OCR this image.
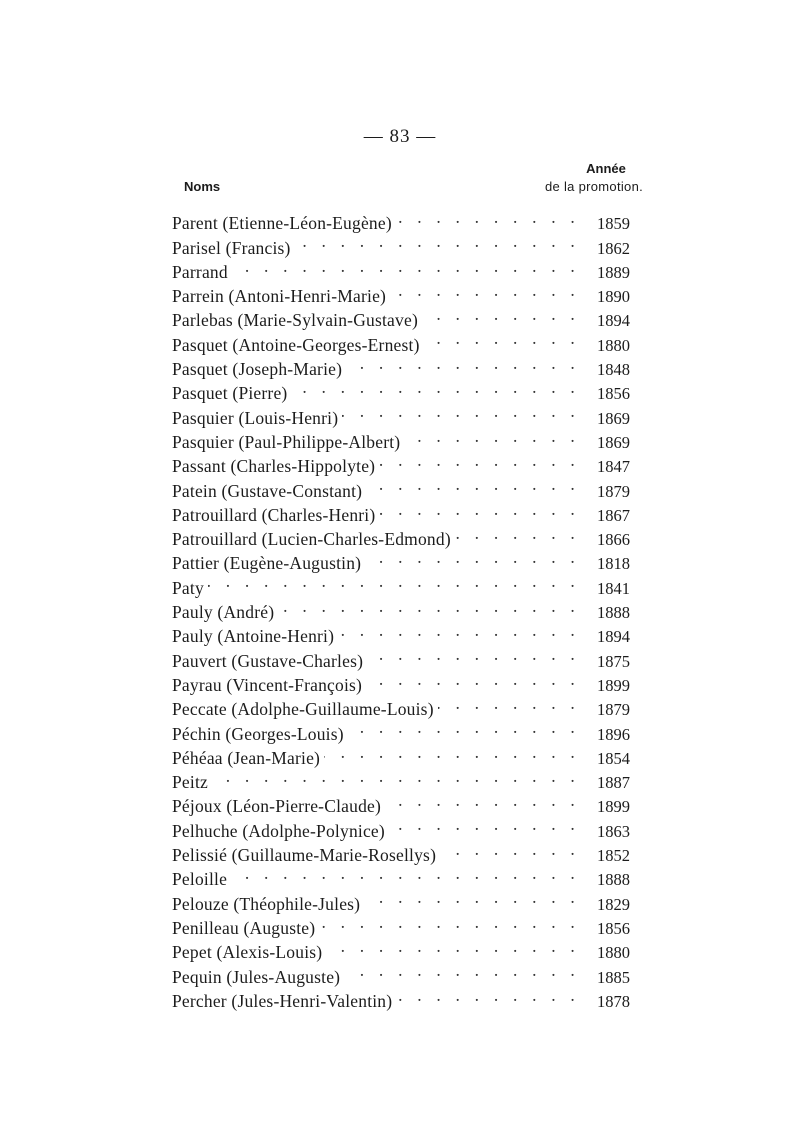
— 83 —
Noms
Année
de la promotion.
Parent (Etienne-Léon-Eugène) . . .	1859
Parisel (Francis) . . .	1862
Parrand . . .	1889
Parrein (Antoni-Henri-Marie) . . .	1890
Parlebas (Marie-Sylvain-Gustave) . . .	1894
Pasquet (Antoine-Georges-Ernest) . . .	1880
Pasquet (Joseph-Marie) . . .	1848
Pasquet (Pierre) . . .	1856
Pasquier (Louis-Henri) . . .	1869
Pasquier (Paul-Philippe-Albert) . . .	1869
Passant (Charles-Hippolyte) . . .	1847
Patein (Gustave-Constant) . . .	1879
Patrouillard (Charles-Henri) . . .	1867
Patrouillard (Lucien-Charles-Edmond) . . .	1866
Pattier (Eugène-Augustin) . . .	1818
Paty . . .	1841
Pauly (André) . . .	1888
Pauly (Antoine-Henri) . . .	1894
Pauvert (Gustave-Charles) . . .	1875
Payrau (Vincent-François) . . .	1899
Peccate (Adolphe-Guillaume-Louis) . . .	1879
Péchin (Georges-Louis) . . .	1896
Péhéaa (Jean-Marie) . . .	1854
Peitz . . .	1887
Péjoux (Léon-Pierre-Claude) . . .	1899
Pelhuche (Adolphe-Polynice) . . .	1863
Pelissié (Guillaume-Marie-Rosellys) . . .	1852
Peloille . . .	1888
Pelouze (Théophile-Jules) . . .	1829
Penilleau (Auguste) . . .	1856
Pepet (Alexis-Louis) . . .	1880
Pequin (Jules-Auguste) . . .	1885
Percher (Jules-Henri-Valentin) . . .	1878
